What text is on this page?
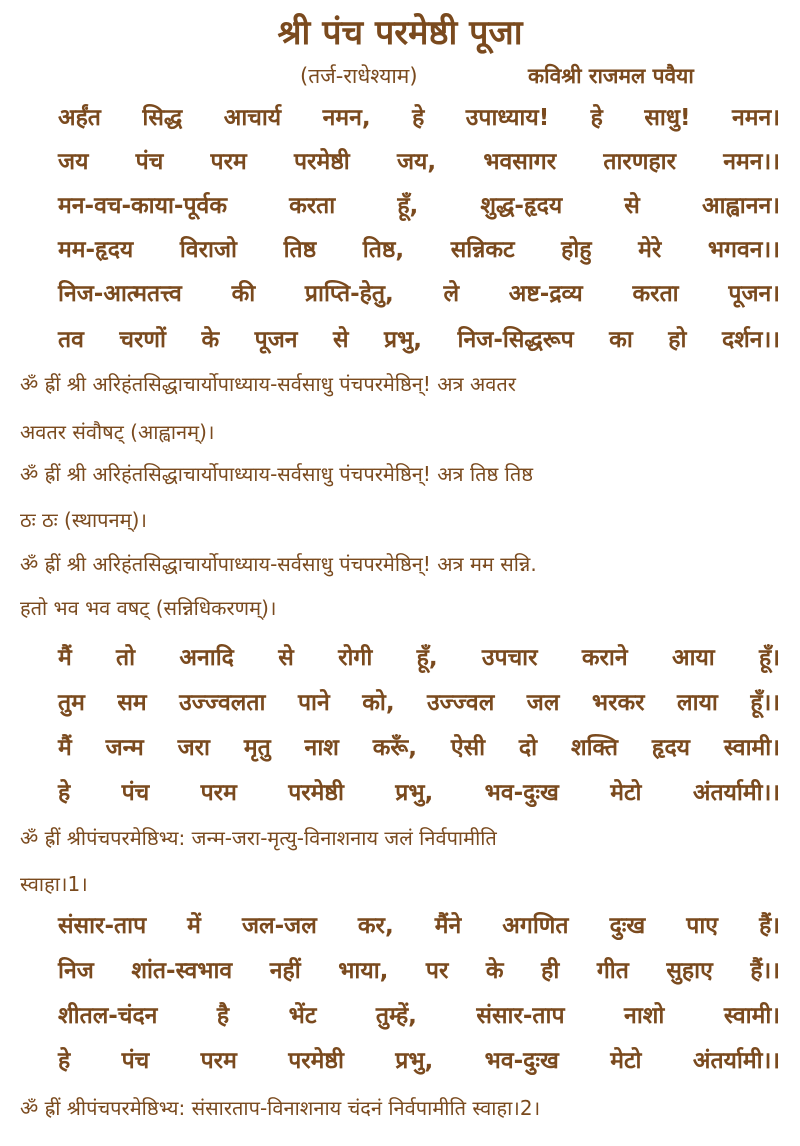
श्री पंच परमेष्ठी पूजा
(तर्ज-राधेश्याम)	कविश्री राजमल पवैया
अर्हंत सिद्ध आचार्य नमन, हे उपाध्याय! हे साधु! नमन।
जय पंच परम परमेष्ठी जय, भवसागर तारणहार नमन।।
मन-वच-काया-पूर्वक करता हूँ, शुद्ध-हृदय से आह्वानन।
मम-हृदय विराजो तिष्ठ तिष्ठ, सन्निकट होहु मेरे भगवन।।
निज-आत्मतत्त्व की प्राप्ति-हेतु, ले अष्ट-द्रव्य करता पूजन।
तव चरणों के पूजन से प्रभु, निज-सिद्धरूप का हो दर्शन।।
ॐ ह्रीं श्री अरिहंतसिद्धाचार्योपाध्याय-सर्वसाधु पंचपरमेष्ठिन्! अत्र अवतर
अवतर संवौषट् (आह्वानम्)।
ॐ ह्रीं श्री अरिहंतसिद्धाचार्योपाध्याय-सर्वसाधु पंचपरमेष्ठिन्! अत्र तिष्ठ तिष्ठ
ठः ठः (स्थापनम्)।
ॐ ह्रीं श्री अरिहंतसिद्धाचार्योपाध्याय-सर्वसाधु पंचपरमेष्ठिन्! अत्र मम सन्नि.
हतो भव भव वषट् (सन्निधिकरणम्)।
मैं तो अनादि से रोगी हूँ, उपचार कराने आया हूँ।
तुम सम उज्ज्वलता पाने को, उज्ज्वल जल भरकर लाया हूँ।।
मैं जन्म जरा मृतु नाश करूँ, ऐसी दो शक्ति हृदय स्वामी।
हे पंच परम परमेष्ठी प्रभु, भव-दुःख मेटो अंतर्यामी।।
ॐ ह्रीं श्रीपंचपरमेष्ठिभ्य: जन्म-जरा-मृत्यु-विनाशनाय जलं निर्वपामीति
स्वाहा।1।
संसार-ताप में जल-जल कर, मैंने अगणित दुःख पाए हैं।
निज शांत-स्वभाव नहीं भाया, पर के ही गीत सुहाए हैं।।
शीतल-चंदन है भेंट तुम्हें, संसार-ताप नाशो स्वामी।
हे पंच परम परमेष्ठी प्रभु, भव-दुःख मेटो अंतर्यामी।।
ॐ ह्रीं श्रीपंचपरमेष्ठिभ्य: संसारताप-विनाशनाय चंदनं निर्वपामीति स्वाहा।2।
